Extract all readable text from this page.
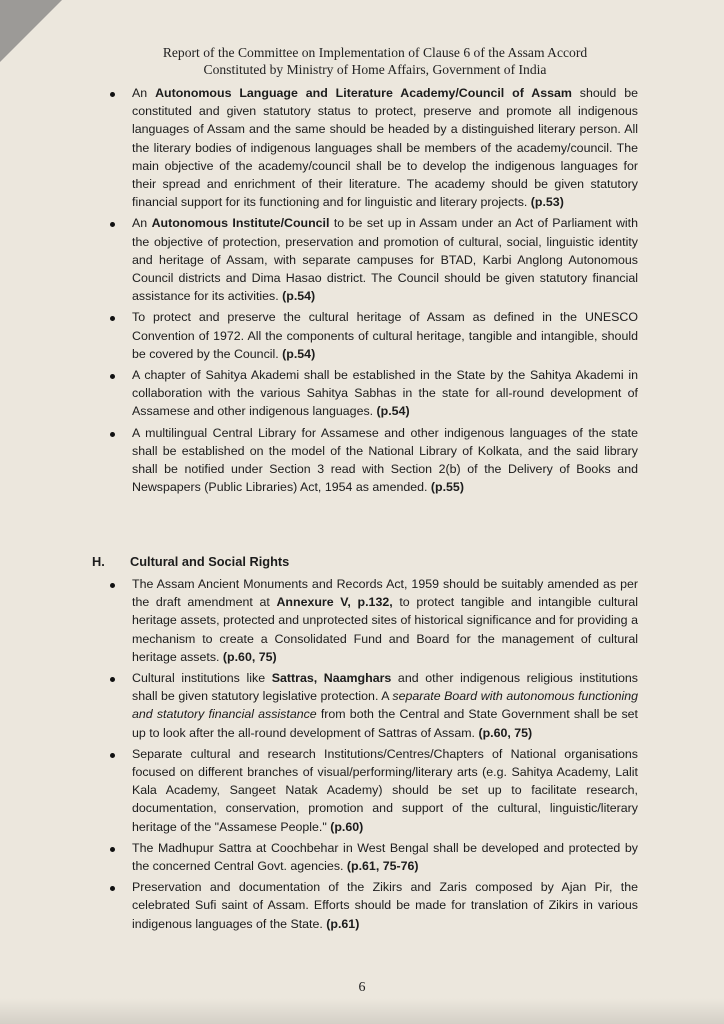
Report of the Committee on Implementation of Clause 6 of the Assam Accord
Constituted by Ministry of Home Affairs, Government of India
An Autonomous Language and Literature Academy/Council of Assam should be constituted and given statutory status to protect, preserve and promote all indigenous languages of Assam and the same should be headed by a distinguished literary person. All the literary bodies of indigenous languages shall be members of the academy/council. The main objective of the academy/council shall be to develop the indigenous languages for their spread and enrichment of their literature. The academy should be given statutory financial support for its functioning and for linguistic and literary projects. (p.53)
An Autonomous Institute/Council to be set up in Assam under an Act of Parliament with the objective of protection, preservation and promotion of cultural, social, linguistic identity and heritage of Assam, with separate campuses for BTAD, Karbi Anglong Autonomous Council districts and Dima Hasao district. The Council should be given statutory financial assistance for its activities. (p.54)
To protect and preserve the cultural heritage of Assam as defined in the UNESCO Convention of 1972. All the components of cultural heritage, tangible and intangible, should be covered by the Council. (p.54)
A chapter of Sahitya Akademi shall be established in the State by the Sahitya Akademi in collaboration with the various Sahitya Sabhas in the state for all-round development of Assamese and other indigenous languages. (p.54)
A multilingual Central Library for Assamese and other indigenous languages of the state shall be established on the model of the National Library of Kolkata, and the said library shall be notified under Section 3 read with Section 2(b) of the Delivery of Books and Newspapers (Public Libraries) Act, 1954 as amended. (p.55)
H. Cultural and Social Rights
The Assam Ancient Monuments and Records Act, 1959 should be suitably amended as per the draft amendment at Annexure V, p.132, to protect tangible and intangible cultural heritage assets, protected and unprotected sites of historical significance and for providing a mechanism to create a Consolidated Fund and Board for the management of cultural heritage assets. (p.60, 75)
Cultural institutions like Sattras, Naamghars and other indigenous religious institutions shall be given statutory legislative protection. A separate Board with autonomous functioning and statutory financial assistance from both the Central and State Government shall be set up to look after the all-round development of Sattras of Assam. (p.60, 75)
Separate cultural and research Institutions/Centres/Chapters of National organisations focused on different branches of visual/performing/literary arts (e.g. Sahitya Academy, Lalit Kala Academy, Sangeet Natak Academy) should be set up to facilitate research, documentation, conservation, promotion and support of the cultural, linguistic/literary heritage of the "Assamese People." (p.60)
The Madhupur Sattra at Coochbehar in West Bengal shall be developed and protected by the concerned Central Govt. agencies. (p.61, 75-76)
Preservation and documentation of the Zikirs and Zaris composed by Ajan Pir, the celebrated Sufi saint of Assam. Efforts should be made for translation of Zikirs in various indigenous languages of the State. (p.61)
6
